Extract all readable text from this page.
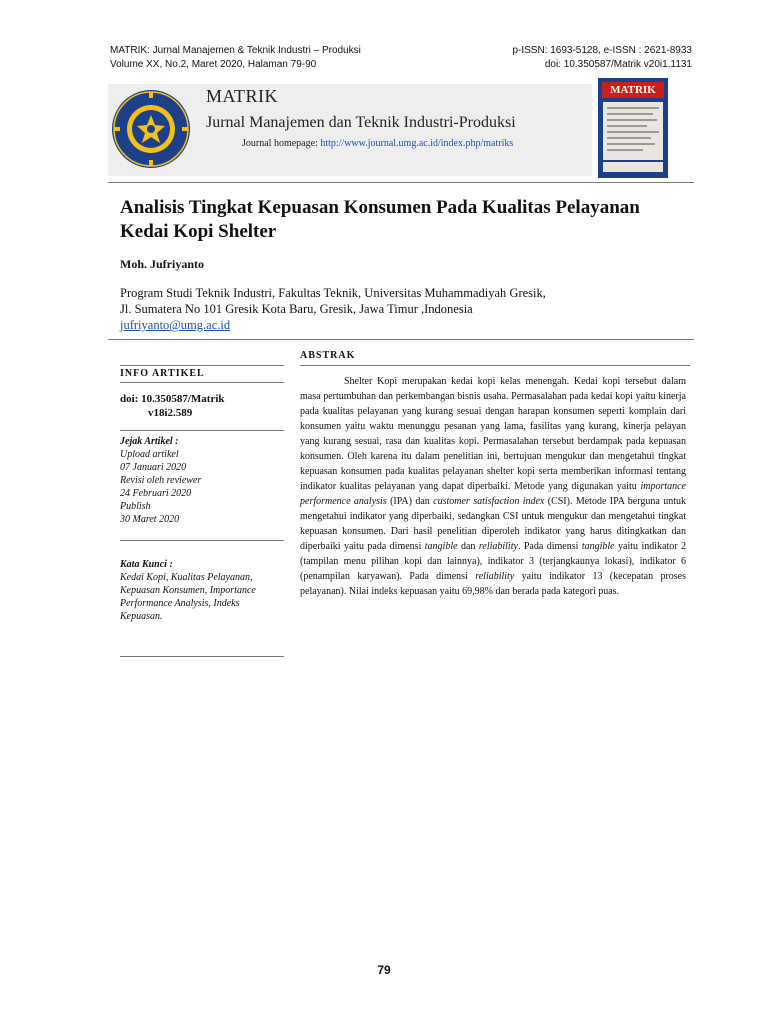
MATRIK: Jurnal Manajemen & Teknik Industri – Produksi
Volume XX, No.2, Maret 2020, Halaman 79-90
p-ISSN: 1693-5128, e-ISSN : 2621-8933
doi: 10.350587/Matrik v20i1.1131
MATRIK
Jurnal Manajemen dan Teknik Industri-Produksi
Journal homepage: http://www.journal.umg.ac.id/index.php/matriks
MATRIK
Analisis Tingkat Kepuasan Konsumen Pada Kualitas Pelayanan Kedai Kopi Shelter
Moh. Jufriyanto
Program Studi Teknik Industri, Fakultas Teknik, Universitas Muhammadiyah Gresik,
Jl. Sumatera No 101 Gresik Kota Baru, Gresik, Jawa Timur ,Indonesia
jufriyanto@umg.ac.id
ABSTRAK
INFO ARTIKEL
doi: 10.350587/Matrik
v18i2.589
Jejak Artikel :
Upload artikel
07 Januari 2020
Revisi oleh reviewer
24 Februari 2020
Publish
30 Maret 2020
Kata Kunci :
Kedai Kopi, Kualitas Pelayanan, Kepuasan Konsumen, Importance Performance Analysis, Indeks Kepuasan.
Shelter Kopi merupakan kedai kopi kelas menengah. Kedai kopi tersebut dalam masa pertumbuhan dan perkembangan bisnis usaha. Permasalahan pada kedai kopi yaitu kinerja pada kualitas pelayanan yang kurang sesuai dengan harapan konsumen seperti komplain dari konsumen yaitu waktu menunggu pesanan yang lama, fasilitas yang kurang, kinerja pelayan yang kurang sesuai, rasa dan kualitas kopi. Permasalahan tersebut berdampak pada kepuasan konsumen. Oleh karena itu dalam penelitian ini, bertujuan mengukur dan mengetahui tingkat kepuasan konsumen pada kualitas pelayanan shelter kopi serta memberikan informasi tentang indikator kualitas pelayanan yang dapat diperbaiki. Metode yang digunakan yaitu importance performence analysis (IPA) dan customer satisfaction index (CSI). Metode IPA berguna untuk mengetahui indikator yang diperbaiki, sedangkan CSI untuk mengukur dan mengetahui tingkat kepuasan konsumen. Dari hasil penelitian diperoleh indikator yang harus ditingkatkan dan diperbaiki yaitu pada dimensi tangible dan reliability. Pada dimensi tangible yaitu indikator 2 (tampilan menu pilihan kopi dan lainnya), indikator 3 (terjangkaunya lokasi), indikator 6 (penampilan karyawan). Pada dimensi reliability yaitu indikator 13 (kecepatan proses pelayanan). Nilai indeks kepuasan yaitu 69,98% dan berada pada kategori puas.
79
